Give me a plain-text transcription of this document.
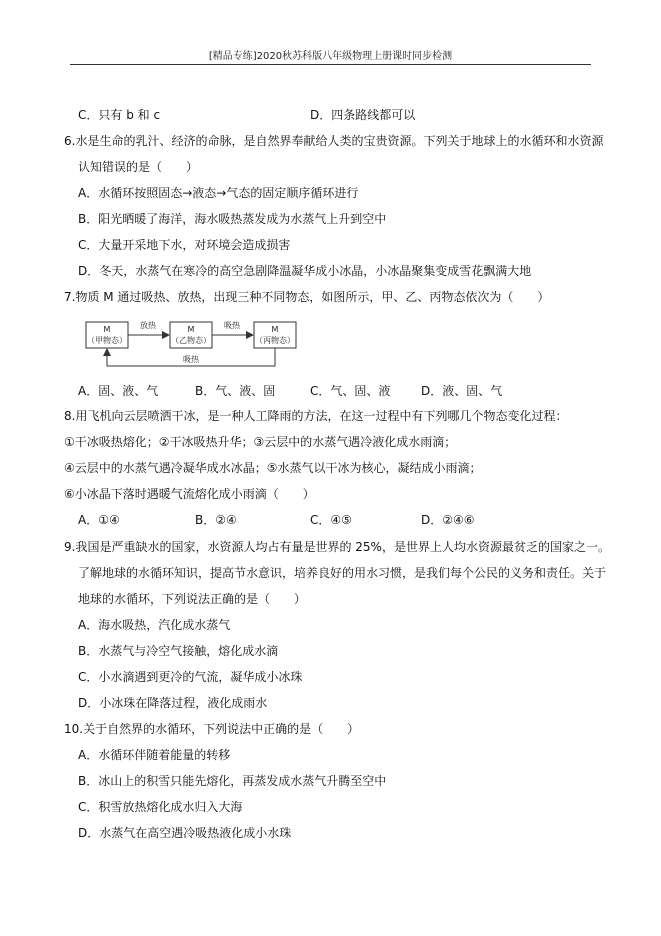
[精品专练]2020秋苏科版八年级物理上册课时同步检测
C．只有 b 和 c	D．四条路线都可以
6.水是生命的乳汁、经济的命脉，是自然界奉献给人类的宝贵资源。下列关于地球上的水循环和水资源
认知错误的是（　　）
A．水循环按照固态→液态→气态的固定顺序循环进行
B．阳光晒暖了海洋，海水吸热蒸发成为水蒸气上升到空中
C．大量开采地下水，对环境会造成损害
D．冬天，水蒸气在寒冷的高空急剧降温凝华成小冰晶，小冰晶聚集变成雪花飘满大地
7.物质 M 通过吸热、放热，出现三种不同物态，如图所示，甲、乙、丙物态依次为（　　）
M
（甲物态）
M
（乙物态）
M
（丙物态）
放热	吸热
吸热
A．固、液、气	B．气、液、固	C．气、固、液	D．液、固、气
8.用飞机向云层喷洒干冰，是一种人工降雨的方法，在这一过程中有下列哪几个物态变化过程：
①干冰吸热熔化；②干冰吸热升华；③云层中的水蒸气遇冷液化成水雨滴；
④云层中的水蒸气遇冷凝华成水冰晶；⑤水蒸气以干冰为核心，凝结成小雨滴；
⑥小冰晶下落时遇暖气流熔化成小雨滴（　　）
A．①④	B．②④	C．④⑤	D．②④⑥
9.我国是严重缺水的国家，水资源人均占有量是世界的 25%，是世界上人均水资源最贫乏的国家之一。
了解地球的水循环知识，提高节水意识，培养良好的用水习惯，是我们每个公民的义务和责任。关于
地球的水循环，下列说法正确的是（　　）
A．海水吸热，汽化成水蒸气
B．水蒸气与冷空气接触，熔化成水滴
C．小水滴遇到更冷的气流，凝华成小冰珠
D．小冰珠在降落过程，液化成雨水
10.关于自然界的水循环，下列说法中正确的是（　　）
A．水循环伴随着能量的转移
B．冰山上的积雪只能先熔化，再蒸发成水蒸气升腾至空中
C．积雪放热熔化成水归入大海
D．水蒸气在高空遇冷吸热液化成小水珠
